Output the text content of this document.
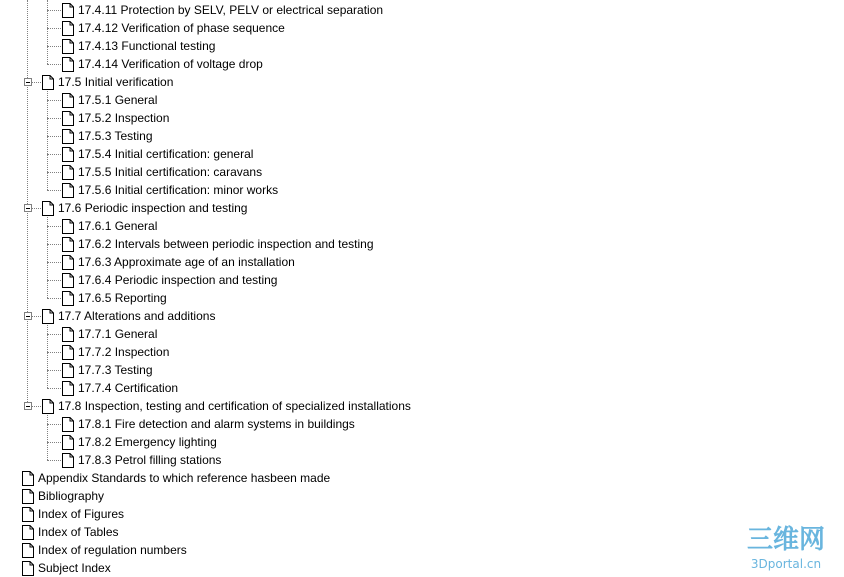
17.4.11 Protection by SELV, PELV or electrical separation
17.4.12 Verification of phase sequence
17.4.13 Functional testing
17.4.14 Verification of voltage drop
17.5 Initial verification
17.5.1 General
17.5.2 Inspection
17.5.3 Testing
17.5.4 Initial certification: general
17.5.5 Initial certification: caravans
17.5.6 Initial certification: minor works
17.6 Periodic inspection and testing
17.6.1 General
17.6.2 Intervals between periodic inspection and testing
17.6.3 Approximate age of an installation
17.6.4 Periodic inspection and testing
17.6.5 Reporting
17.7 Alterations and additions
17.7.1 General
17.7.2 Inspection
17.7.3 Testing
17.7.4 Certification
17.8 Inspection, testing and certification of specialized installations
17.8.1 Fire detection and alarm systems in buildings
17.8.2 Emergency lighting
17.8.3 Petrol filling stations
Appendix Standards to which reference hasbeen made
Bibliography
Index of Figures
Index of Tables
Index of regulation numbers
Subject Index
三维网
3Dportal.cn
